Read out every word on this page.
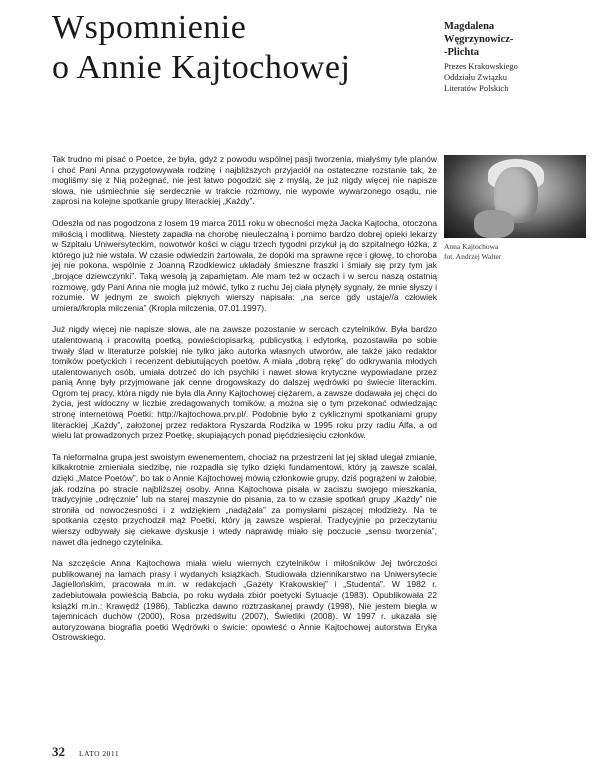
Wspomnienie
o Annie Kajtochowej
Magdalena
Węgrzynowicz-
-Plichta
Prezes Krakowskiego
Oddziału Związku
Literatów Polskich
Anna Kajtochowa
fot. Andrzej Walter

Tak trudno mi pisać o Poetce, że była, gdyż z powodu wspólnej pasji tworzenia, miałyśmy tyle planów i choć Pani Anna przygotowywała rodzinę i najbliższych przyjaciół na ostateczne rozstanie tak, że mogliśmy się z Nią pożegnać, nie jest łatwo pogodzić się z myślą, że już nigdy więcej nie napisze słowa, nie uśmiechnie się serdecznie w trakcie rozmowy, nie wypowie wywarzonego osądu, nie zaprosi na kolejne spotkanie grupy literackiej „Każdy”.

Odeszła od nas pogodzona z losem 19 marca 2011 roku w obecności męża Jacka Kajtocha, otoczona miłością i modlitwą. Niestety zapadła na chorobę nieuleczalną i pomimo bardzo dobrej opieki lekarzy w Szpitalu Uniwersyteckim, nowotwór kości w ciągu trzech tygodni przykuł ją do szpitalnego łóżka, z którego już nie wstała. W czasie odwiedzin żartowała, że dopóki ma sprawne ręce i głowę, to choroba jej nie pokona, wspólnie z Joanną Rzodkiewicz układały śmieszne fraszki i śmiały się przy tym jak „brojące dziewczynki”. Taką wesołą ją zapamiętam. Ale mam też w oczach i w sercu naszą ostatnią rozmowę, gdy Pani Anna nie mogła już mówić, tylko z ruchu Jej ciała płynęły sygnały, że mnie słyszy i rozumie. W jednym ze swoich pięknych wierszy napisała: „na serce gdy ustaje//a człowiek umiera//kropla milczenia” (Kropla milczenia, 07.01.1997).

Już nigdy więcej nie napisze słowa, ale na zawsze pozostanie w sercach czytelników. Była bardzo utalentowaną i pracowitą poetką, powieściopisarką, publicystką i edytorką, pozostawiła po sobie trwały ślad w literaturze polskiej nie tylko jako autorka własnych utworów, ale także jako redaktor tomików poetyckich i recenzent debiutujących poetów. A miała „dobrą rękę” do odkrywania młodych utalentowanych osób, umiała dotrzeć do ich psychiki i nawet słowa krytyczne wypowiadane przez panią Annę były przyjmowane jak cenne drogowskazy do dalszej wędrówki po świecie literackim. Ogrom tej pracy, która nigdy nie była dla Anny Kajtochowej ciężarem, a zawsze dodawała jej chęci do życia, jest widoczny w liczbie zredagowanych tomików, a można się o tym przekonać odwiedzając stronę internetową Poetki: http://kajtochowa.prv.pl/. Podobnie było z cyklicznymi spotkaniami grupy literackiej „Każdy”, założonej przez redaktora Ryszarda Rodzika w 1995 roku przy radiu Alfa, a od wielu lat prowadzonych przez Poetkę, skupiających ponad pięćdziesięciu członków.

Ta nieformalna grupa jest swoistym ewenementem, chociaż na przestrzeni lat jej skład ulegał zmianie, kilkakrotnie zmieniała siedzibę, nie rozpadła się tylko dzięki fundamentowi, który ją zawsze scalał, dzięki „Matce Poetów”, bo tak o Annie Kajtochowej mówią członkowie grupy, dziś pogrążeni w żałobie, jak rodzina po stracie najbliższej osoby. Anna Kajtochowa pisała w zaciszu swojego mieszkania, tradycyjnie „odręcznie” lub na starej maszynie do pisania, za to w czasie spotkań grupy „Każdy” nie stroniła od nowoczesności i z wdziękiem „nadążała” za pomysłami piszącej młodzieży. Na te spotkania często przychodził mąż Poetki, który ją zawsze wspierał. Tradycyjnie po przeczytaniu wierszy odbywały się ciekawe dyskusje i wtedy naprawdę miało się poczucie „sensu tworzenia”, nawet dla jednego czytelnika.

Na szczęście Anna Kajtochowa miała wielu wiernych czytelników i miłośników Jej twórczości publikowanej na łamach prasy i wydanych książkach. Studiowała dziennikarstwo na Uniwersytecie Jagiellońskim, pracowała m.in. w redakcjach „Gazety Krakowskiej” i „Studenta”. W 1982 r. zadebiutowała powieścią Babcia, po roku wydała zbiór poetycki Sytuacje (1983). Opublikowała 22 książki m.in.: Krawędź (1986), Tabliczka dawno roztrzaskanej prawdy (1998), Nie jestem biegła w tajemnicach duchów (2000), Rosa przedświtu (2007), Świetliki (2008). W 1997 r. ukazała się autoryzowana biografia poetki Wędrówki o świcie: opowieść o Annie Kajtochowej autorstwa Eryka Ostrowskiego.

32 LATO 2011
